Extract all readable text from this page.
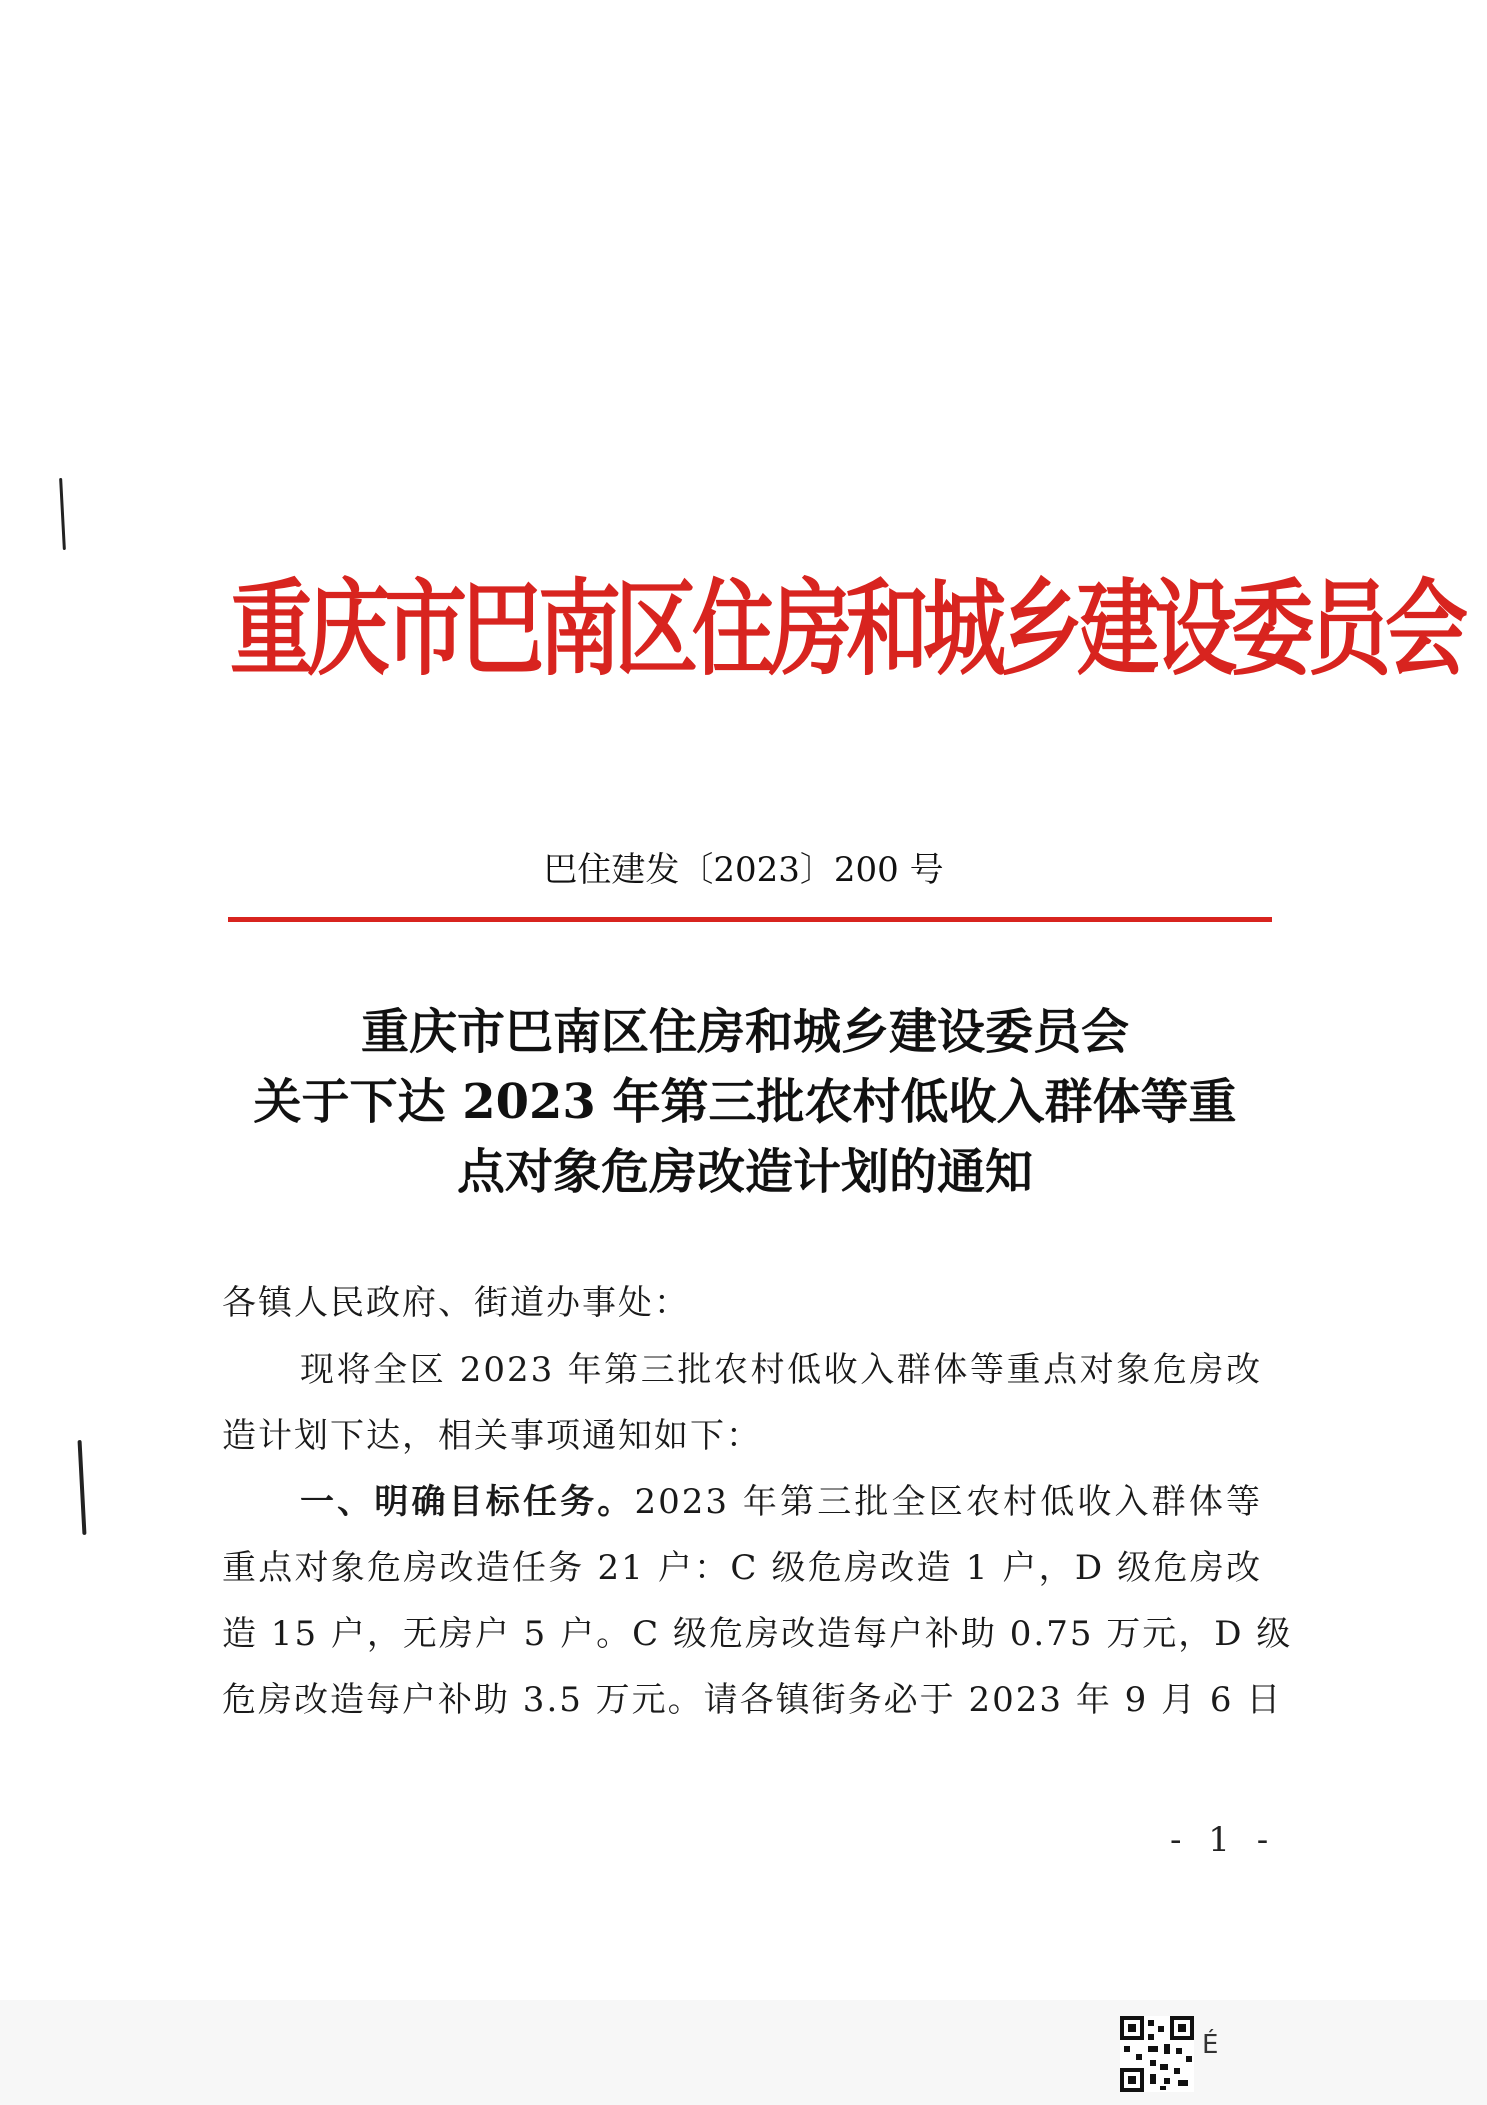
重庆市巴南区住房和城乡建设委员会
巴住建发〔2023〕200 号
重庆市巴南区住房和城乡建设委员会
关于下达 2023 年第三批农村低收入群体等重
点对象危房改造计划的通知
各镇人民政府、街道办事处：
现将全区 2023 年第三批农村低收入群体等重点对象危房改
造计划下达，相关事项通知如下：
一、明确目标任务。2023 年第三批全区农村低收入群体等
重点对象危房改造任务 21 户：C 级危房改造 1 户，D 级危房改
造 15 户，无房户 5 户。C 级危房改造每户补助 0.75 万元，D 级
危房改造每户补助 3.5 万元。请各镇街务必于 2023 年 9 月 6 日
- 1 -
É
